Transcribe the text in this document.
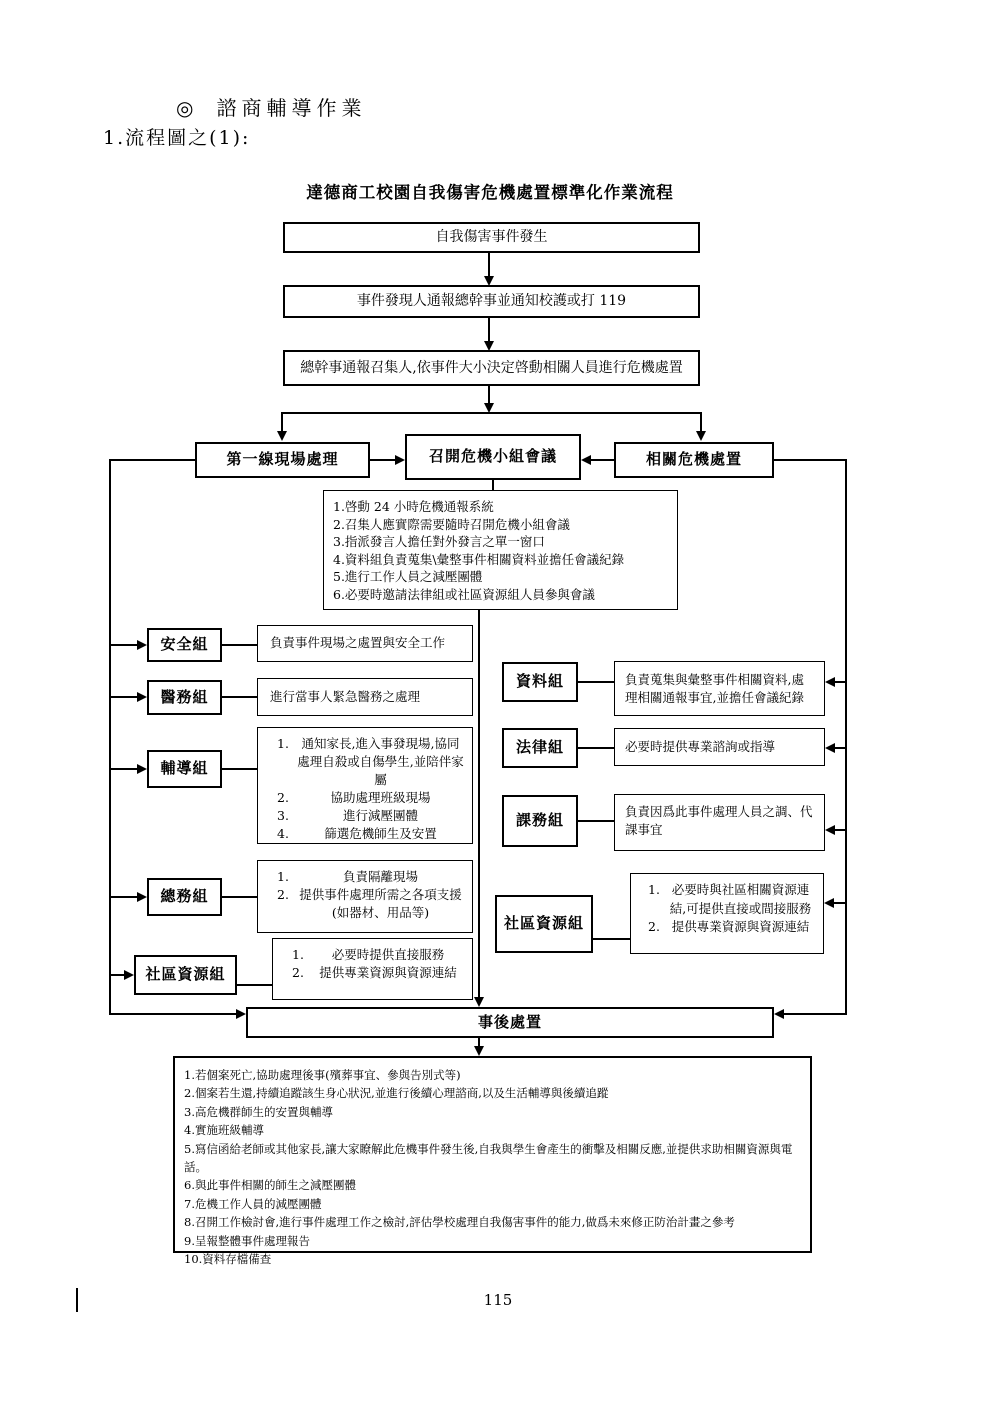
◎ 諮商輔導作業
1.流程圖之(1):
達德商工校園自我傷害危機處置標準化作業流程
自我傷害事件發生
事件發現人通報總幹事並通知校護或打 119
總幹事通報召集人,依事件大小決定啓動相關人員進行危機處置
第一線現場處理	召開危機小組會議	相關危機處置
1.啓動 24 小時危機通報系統
2.召集人應實際需要隨時召開危機小組會議
3.指派發言人擔任對外發言之單一窗口
4.資料組負責蒐集\彙整事件相關資料並擔任會議紀錄
5.進行工作人員之減壓團體
6.必要時邀請法律組或社區資源組人員參與會議
安全組	負責事件現場之處置與安全工作
醫務組	進行當事人緊急醫務之處理
輔導組
1.	通知家長,進入事發現場,協同處理自殺或自傷學生,並陪伴家屬
2.	協助處理班級現場
3.	進行減壓團體
4.	篩選危機師生及安置
總務組
1.	負責隔離現場
2. 提供事件處理所需之各項支援(如器材、用品等)
社區資源組
1.	必要時提供直接服務
2.	提供專業資源與資源連結
資料組	負責蒐集與彙整事件相關資料,處理相關通報事宜,並擔任會議紀錄
法律組	必要時提供專業諮詢或指導
課務組	負責因爲此事件處理人員之調、代課事宜
社區資源組
1. 必要時與社區相關資源連結,可提供直接或間接服務
2. 提供專業資源與資源連結
事後處置
1.若個案死亡,協助處理後事(殯葬事宜、參與告別式等)
2.個案若生還,持續追蹤該生身心狀況,並進行後續心理諮商,以及生活輔導與後續追蹤
3.高危機群師生的安置與輔導
4.實施班級輔導
5.寫信函給老師或其他家長,讓大家瞭解此危機事件發生後,自我與學生會產生的衝擊及相關反應,並提供求助相關資源與電話。
6.與此事件相關的師生之減壓團體
7.危機工作人員的減壓團體
8.召開工作檢討會,進行事件處理工作之檢討,評估學校處理自我傷害事件的能力,做爲未來修正防治計畫之參考
9.呈報整體事件處理報告
10.資料存檔備查
115
